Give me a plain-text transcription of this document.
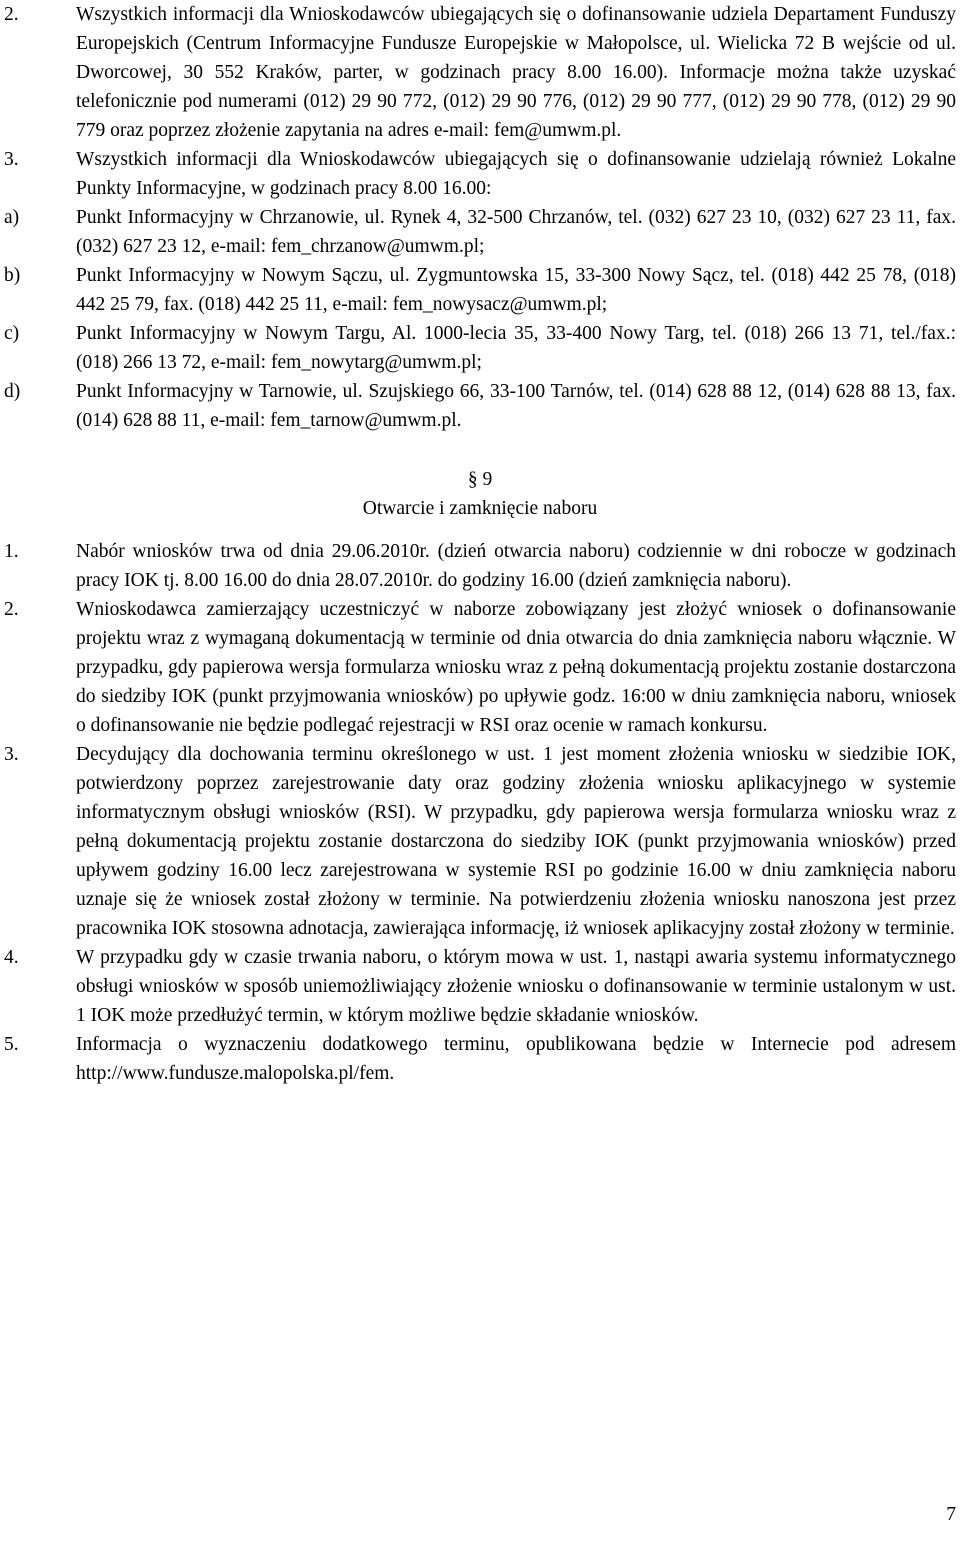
2.	Wszystkich informacji dla Wnioskodawców ubiegających się o dofinansowanie udziela Departament Funduszy Europejskich (Centrum Informacyjne Fundusze Europejskie w Małopolsce, ul. Wielicka 72 B wejście od ul. Dworcowej, 30 552 Kraków, parter, w godzinach pracy 8.00 16.00). Informacje można także uzyskać telefonicznie pod numerami (012) 29 90 772, (012) 29 90 776, (012) 29 90 777, (012) 29 90 778, (012) 29 90 779 oraz poprzez złożenie zapytania na adres e-mail: fem@umwm.pl.
3.	Wszystkich informacji dla Wnioskodawców ubiegających się o dofinansowanie udzielają również Lokalne Punkty Informacyjne, w godzinach pracy 8.00 16.00:
a)	Punkt Informacyjny w Chrzanowie, ul. Rynek 4, 32-500 Chrzanów, tel. (032) 627 23 10, (032) 627 23 11, fax. (032) 627 23 12, e-mail: fem_chrzanow@umwm.pl;
b)	Punkt Informacyjny w Nowym Sączu, ul. Zygmuntowska 15, 33-300 Nowy Sącz, tel. (018) 442 25 78, (018) 442 25 79, fax. (018) 442 25 11, e-mail: fem_nowysacz@umwm.pl;
c)	Punkt Informacyjny w Nowym Targu, Al. 1000-lecia 35, 33-400 Nowy Targ, tel. (018) 266 13 71, tel./fax.: (018) 266 13 72, e-mail: fem_nowytarg@umwm.pl;
d)	Punkt Informacyjny w Tarnowie, ul. Szujskiego 66, 33-100 Tarnów, tel. (014) 628 88 12, (014) 628 88 13, fax. (014) 628 88 11, e-mail: fem_tarnow@umwm.pl.
§ 9
Otwarcie i zamknięcie naboru
1.	Nabór wniosków trwa od dnia 29.06.2010r. (dzień otwarcia naboru) codziennie w dni robocze w godzinach pracy IOK tj. 8.00 16.00 do dnia 28.07.2010r. do godziny 16.00 (dzień zamknięcia naboru).
2.	Wnioskodawca zamierzający uczestniczyć w naborze zobowiązany jest złożyć wniosek o dofinansowanie projektu wraz z wymaganą dokumentacją w terminie od dnia otwarcia do dnia zamknięcia naboru włącznie. W przypadku, gdy papierowa wersja formularza wniosku wraz z pełną dokumentacją projektu zostanie dostarczona do siedziby IOK (punkt przyjmowania wniosków) po upływie godz. 16:00 w dniu zamknięcia naboru, wniosek o dofinansowanie nie będzie podlegać rejestracji w RSI oraz ocenie w ramach konkursu.
3.	Decydujący dla dochowania terminu określonego w ust. 1 jest moment złożenia wniosku w siedzibie IOK, potwierdzony poprzez zarejestrowanie daty oraz godziny złożenia wniosku aplikacyjnego w systemie informatycznym obsługi wniosków (RSI). W przypadku, gdy papierowa wersja formularza wniosku wraz z pełną dokumentacją projektu zostanie dostarczona do siedziby IOK (punkt przyjmowania wniosków) przed upływem godziny 16.00 lecz zarejestrowana w systemie RSI po godzinie 16.00 w dniu zamknięcia naboru uznaje się że wniosek został złożony w terminie. Na potwierdzeniu złożenia wniosku nanoszona jest przez pracownika IOK stosowna adnotacja, zawierająca informację, iż wniosek aplikacyjny został złożony w terminie.
4.	W przypadku gdy w czasie trwania naboru, o którym mowa w ust. 1, nastąpi awaria systemu informatycznego obsługi wniosków w sposób uniemożliwiający złożenie wniosku o dofinansowanie w terminie ustalonym w ust. 1 IOK może przedłużyć termin, w którym możliwe będzie składanie wniosków.
5.	Informacja o wyznaczeniu dodatkowego terminu, opublikowana będzie w Internecie pod adresem http://www.fundusze.malopolska.pl/fem.
7
